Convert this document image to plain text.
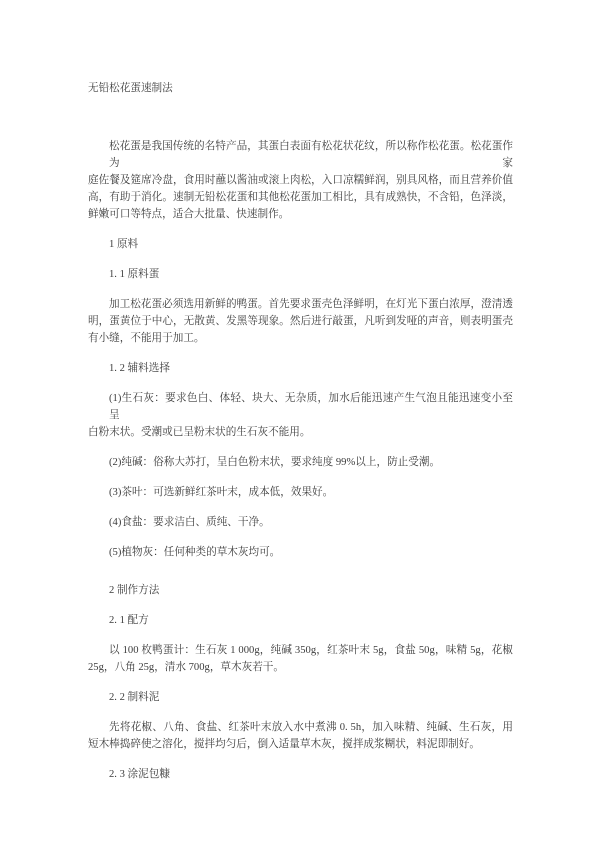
无铅松花蛋速制法
松花蛋是我国传统的名特产品，其蛋白表面有松花状花纹，所以称作松花蛋。松花蛋作为家
庭佐餐及筵席冷盘，食用时蘸以酱油或滚上肉松，入口凉糯鲜润，别具风格，而且营养价值
高，有助于消化。速制无铅松花蛋和其他松花蛋加工相比，具有成熟快，不含铅，色泽淡，
鲜嫩可口等特点，适合大批量、快速制作。
1 原料
1. 1 原料蛋
加工松花蛋必须选用新鲜的鸭蛋。首先要求蛋壳色泽鲜明，在灯光下蛋白浓厚，澄清透
明，蛋黄位于中心，无散黄、发黑等现象。然后进行敲蛋，凡听到发哑的声音，则表明蛋壳
有小缝，不能用于加工。
1. 2 辅料选择
(1)生石灰：要求色白、体轻、块大、无杂质，加水后能迅速产生气泡且能迅速变小至呈
白粉末状。受潮或已呈粉末状的生石灰不能用。
(2)纯碱：俗称大苏打，呈白色粉末状，要求纯度 99%以上，防止受潮。
(3)茶叶：可选新鲜红茶叶末，成本低，效果好。
(4)食盐：要求洁白、质纯、干净。
(5)植物灰：任何种类的草木灰均可。
2 制作方法
2. 1 配方
以 100 枚鸭蛋计：生石灰 1 000g，纯碱 350g，红茶叶末 5g，食盐 50g，味精 5g，花椒
25g，八角 25g，清水 700g，草木灰若干。
2. 2 制料泥
先将花椒、八角、食盐、红茶叶末放入水中煮沸 0. 5h，加入味精、纯碱、生石灰，用
短木棒捣碎使之溶化，搅拌均匀后，倒入适量草木灰，搅拌成浆糊状，料泥即制好。
2. 3 涂泥包糠
